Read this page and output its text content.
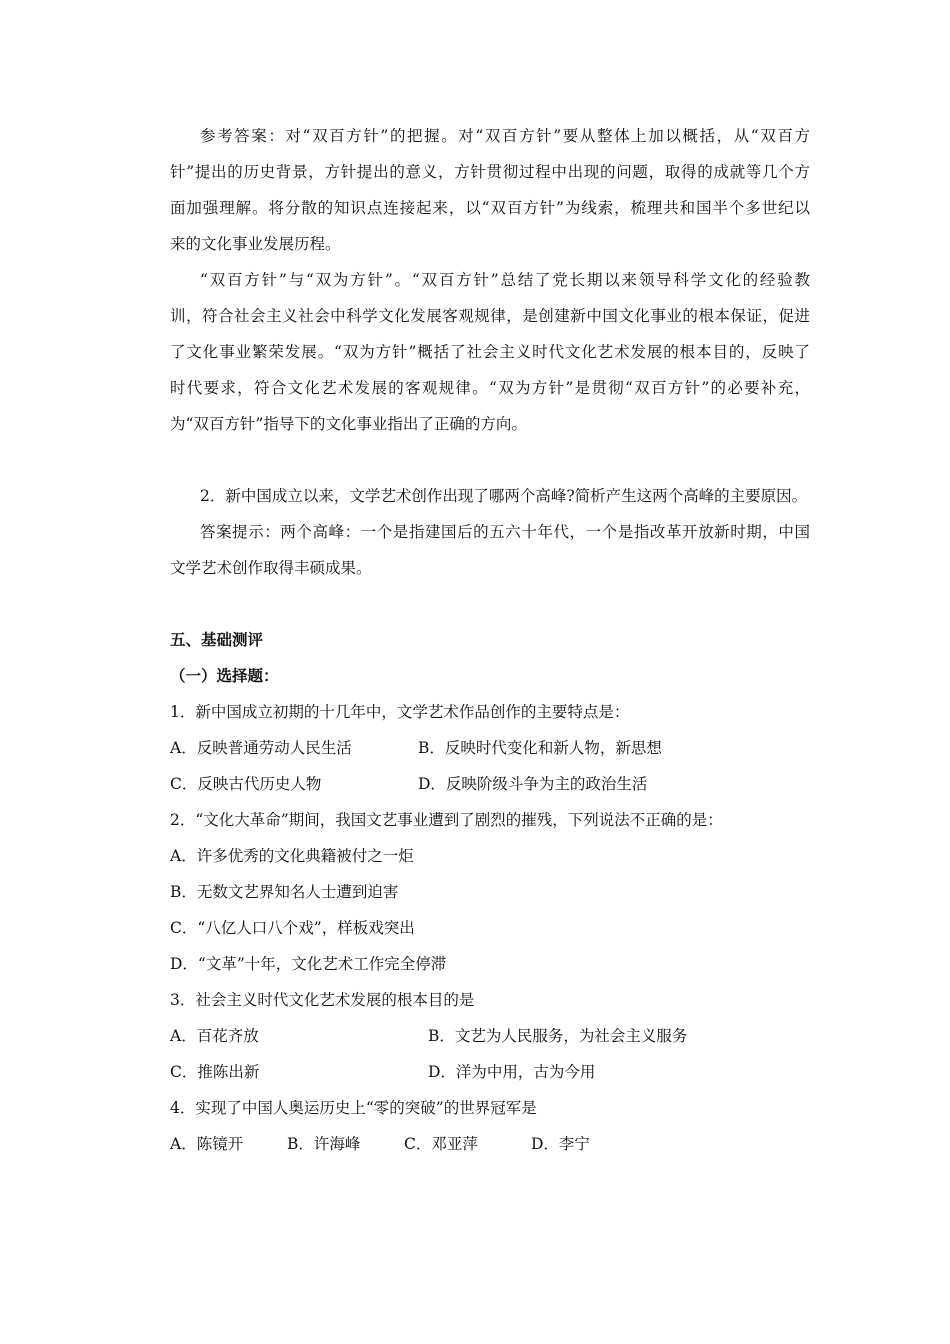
参考答案：对“双百方针”的把握。对“双百方针”要从整体上加以概括，从“双百方
针”提出的历史背景，方针提出的意义，方针贯彻过程中出现的问题，取得的成就等几个方
面加强理解。将分散的知识点连接起来，以“双百方针”为线索，梳理共和国半个多世纪以
来的文化事业发展历程。
“双百方针”与“双为方针”。“双百方针”总结了党长期以来领导科学文化的经验教
训，符合社会主义社会中科学文化发展客观规律，是创建新中国文化事业的根本保证，促进
了文化事业繁荣发展。“双为方针”概括了社会主义时代文化艺术发展的根本目的，反映了
时代要求，符合文化艺术发展的客观规律。“双为方针”是贯彻“双百方针”的必要补充，
为“双百方针”指导下的文化事业指出了正确的方向。
2．新中国成立以来，文学艺术创作出现了哪两个高峰?简析产生这两个高峰的主要原因。
答案提示：两个高峰：一个是指建国后的五六十年代，一个是指改革开放新时期，中国
文学艺术创作取得丰硕成果。
五、基础测评
（一）选择题：
1．新中国成立初期的十几年中，文学艺术作品创作的主要特点是：
A．反映普通劳动人民生活	B．反映时代变化和新人物，新思想
C．反映古代历史人物	D．反映阶级斗争为主的政治生活
2．“文化大革命”期间，我国文艺事业遭到了剧烈的摧残，下列说法不正确的是：
A．许多优秀的文化典籍被付之一炬
B．无数文艺界知名人士遭到迫害
C．“八亿人口八个戏”，样板戏突出
D．“文革”十年，文化艺术工作完全停滞
3．社会主义时代文化艺术发展的根本目的是
A．百花齐放	B．文艺为人民服务，为社会主义服务
C．推陈出新	D．洋为中用，古为今用
4．实现了中国人奥运历史上“零的突破”的世界冠军是
A．陈镜开	B．许海峰	C．邓亚萍	D．李宁
